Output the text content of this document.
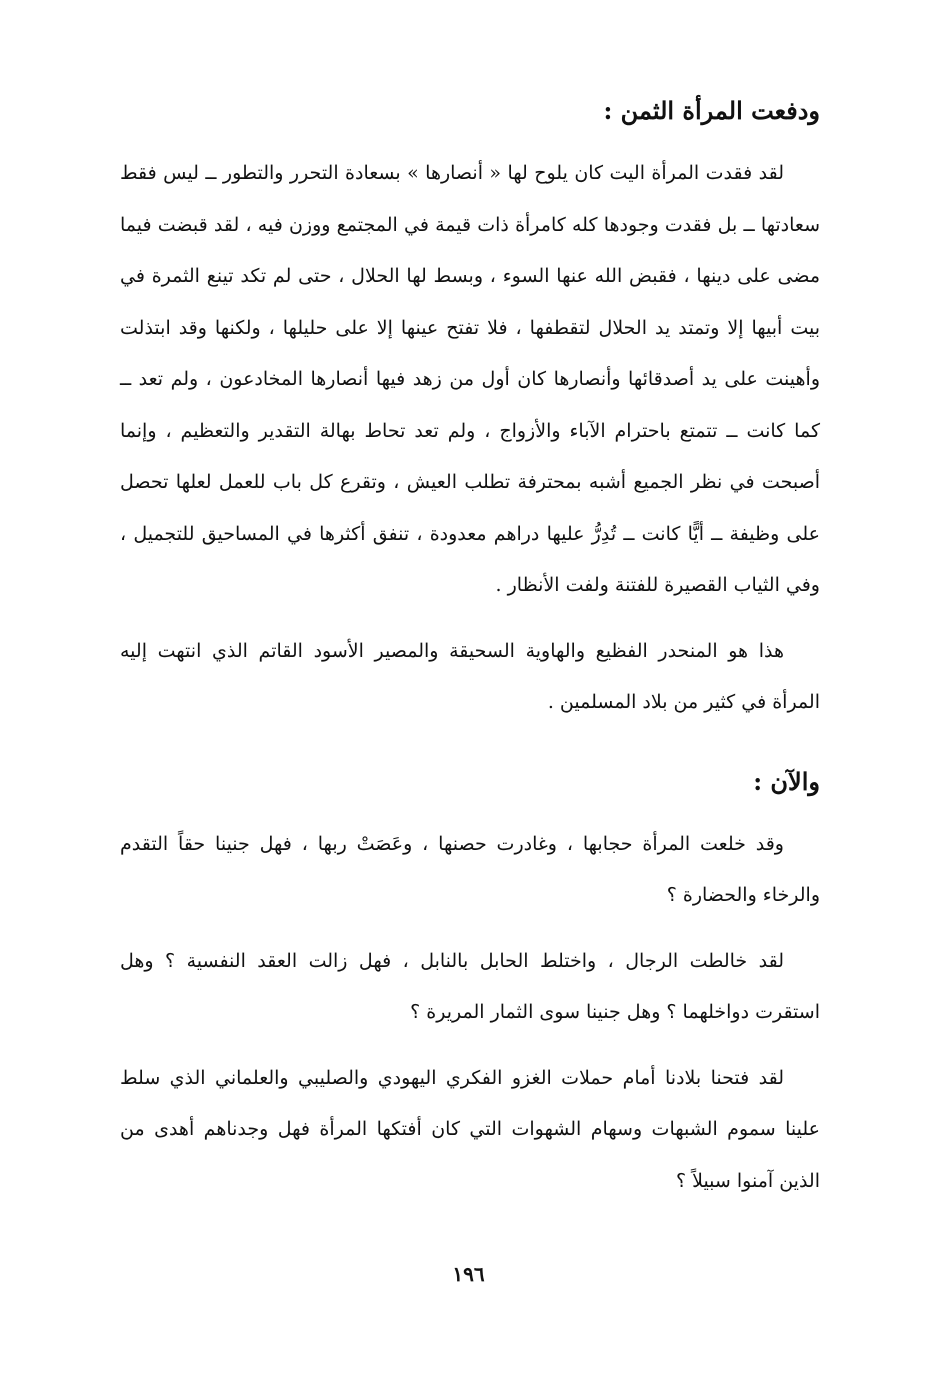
ودفعت المرأة الثمن :

لقد فقدت المرأة اليت كان يلوح لها « أنصارها » بسعادة التحرر والتطور ــ ليس فقط سعادتها ــ بل فقدت وجودها كله كامرأة ذات قيمة في المجتمع ووزن فيه ، لقد قبضت فيما مضى على دينها ، فقبض الله عنها السوء ، وبسط لها الحلال ، حتى لم تكد تينع الثمرة في بيت أبيها إلا وتمتد يد الحلال لتقطفها ، فلا تفتح عينها إلا على حليلها ، ولكنها وقد ابتذلت وأهينت على يد أصدقائها وأنصارها كان أول من زهد فيها أنصارها المخادعون ، ولم تعد ــ كما كانت ــ تتمتع باحترام الآباء والأزواج ، ولم تعد تحاط بهالة التقدير والتعظيم ، وإنما أصبحت في نظر الجميع أشبه بمحترفة تطلب العيش ، وتقرع كل باب للعمل لعلها تحصل على وظيفة ــ أيًّا كانت ــ تُدِرُّ عليها دراهم معدودة ، تنفق أكثرها في المساحيق للتجميل ، وفي الثياب القصيرة للفتنة ولفت الأنظار .

هذا هو المنحدر الفظيع والهاوية السحيقة والمصير الأسود القاتم الذي انتهت إليه المرأة في كثير من بلاد المسلمين .

والآن :

وقد خلعت المرأة حجابها ، وغادرت حصنها ، وعَصَتْ ربها ، فهل جنينا حقاً التقدم والرخاء والحضارة ؟

لقد خالطت الرجال ، واختلط الحابل بالنابل ، فهل زالت العقد النفسية ؟ وهل استقرت دواخلهما ؟ وهل جنينا سوى الثمار المريرة ؟

لقد فتحنا بلادنا أمام حملات الغزو الفكري اليهودي والصليبي والعلماني الذي سلط علينا سموم الشبهات وسهام الشهوات التي كان أفتكها المرأة فهل وجدناهم أهدى من الذين آمنوا سبيلاً ؟

١٩٦
